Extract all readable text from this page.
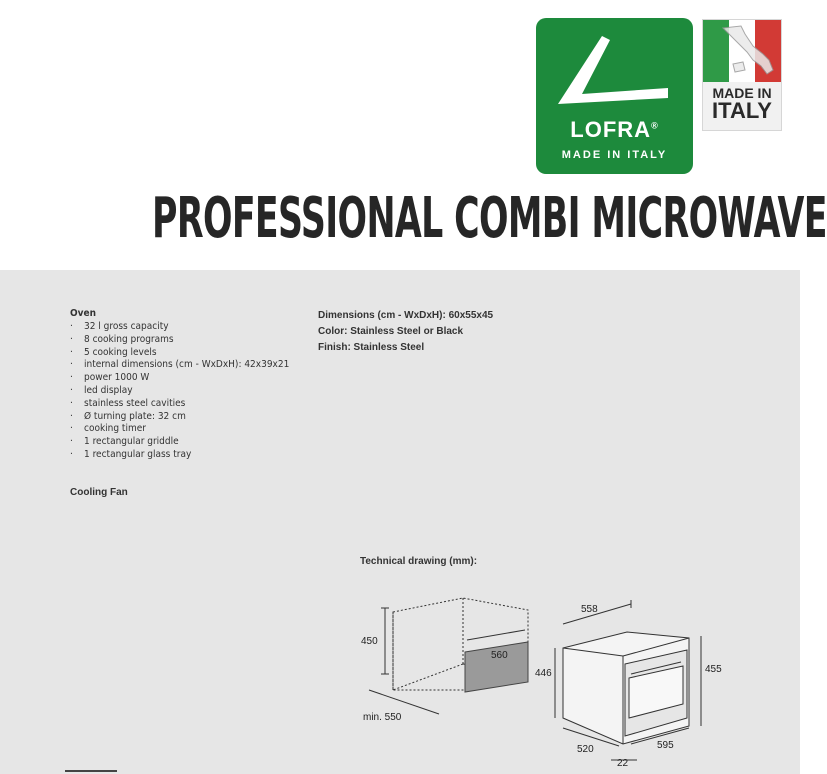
LOFRA®
MADE IN ITALY
MADE IN
ITALY
PROFESSIONAL COMBI MICROWAVE
Oven
· 32 l gross capacity
· 8 cooking programs
· 5 cooking levels
· internal dimensions (cm - WxDxH): 42x39x21
· power 1000 W
· led display
· stainless steel cavities
· Ø turning plate: 32 cm
· cooking timer
· 1 rectangular griddle
· 1 rectangular glass tray
Cooling Fan
Dimensions (cm - WxDxH): 60x55x45
Color: Stainless Steel or Black
Finish: Stainless Steel
Technical drawing (mm):
450
560
min. 550
558
446	455
520	595
22
